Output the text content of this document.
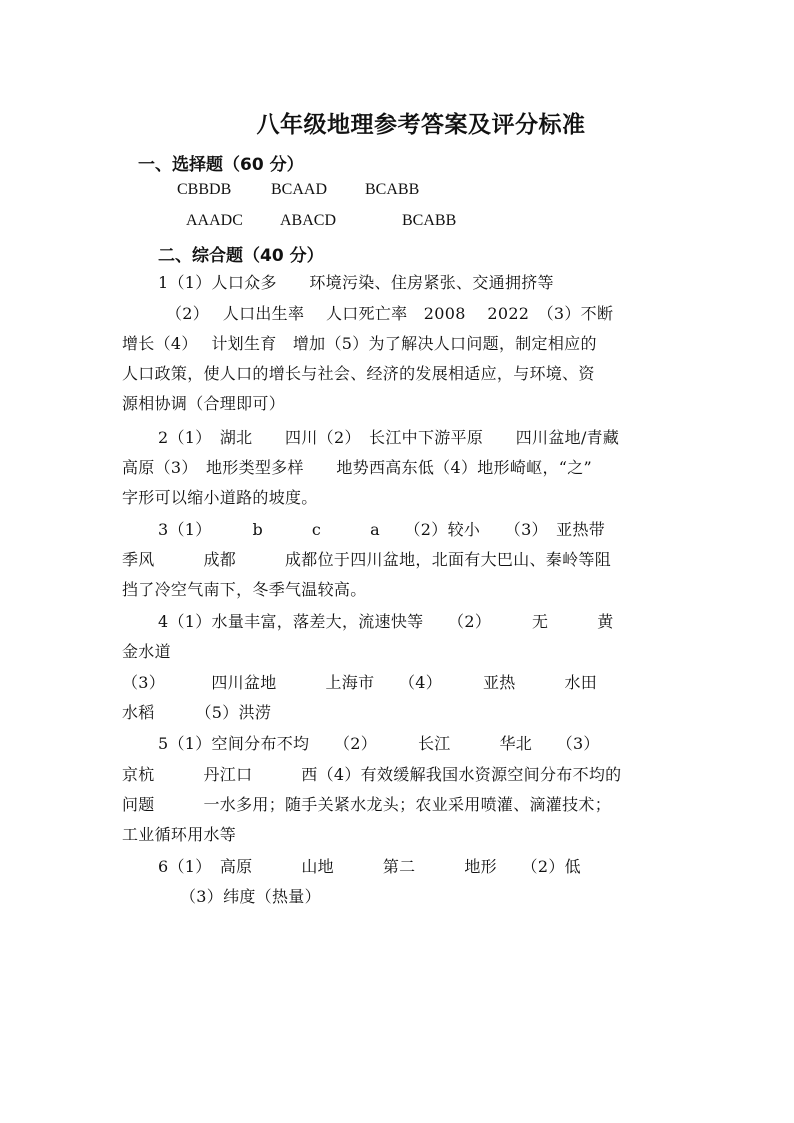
八年级地理参考答案及评分标准
一、选择题（60 分）
CBBDB BCAAD BCABB
AAADC ABACD	BCABB
二、综合题（40 分）
1（1）人口众多　　环境污染、住房紧张、交通拥挤等
（2）　 人口出生率　 人口死亡率　2008　 2022　（3）不断
增长（4）　 计划生育　增加（5）为了解决人口问题，制定相应的
人口政策，使人口的增长与社会、经济的发展相适应，与环境、资
源相协调（合理即可）
2（1）　湖北　　四川（2）　长江中下游平原　　四川盆地/青藏
高原（3）　地形类型多样　　地势西高东低（4）地形崎岖，“之”
字形可以缩小道路的坡度。
3（1）　　　b　　　c　　　a　　（2）较小　　（3）　亚热带
季风　　　成都　　　成都位于四川盆地，北面有大巴山、秦岭等阻
挡了冷空气南下，冬季气温较高。
4（1）水量丰富，落差大，流速快等　　（2）　　　无　　　黄
金水道
（3）　　　 四川盆地　　　上海市　　（4）　　　亚热　　　水田
水稻　　　（5）洪涝
5（1）空间分布不均　　（2）　　　长江　　　华北　　（3）
京杭　　　丹江口　　　西（4）有效缓解我国水资源空间分布不均的
问题　　　一水多用；随手关紧水龙头；农业采用喷灌、滴灌技术；
工业循环用水等
6（1）　高原　　　山地　　　第二　　　地形　　（2）低
（3）纬度（热量）
